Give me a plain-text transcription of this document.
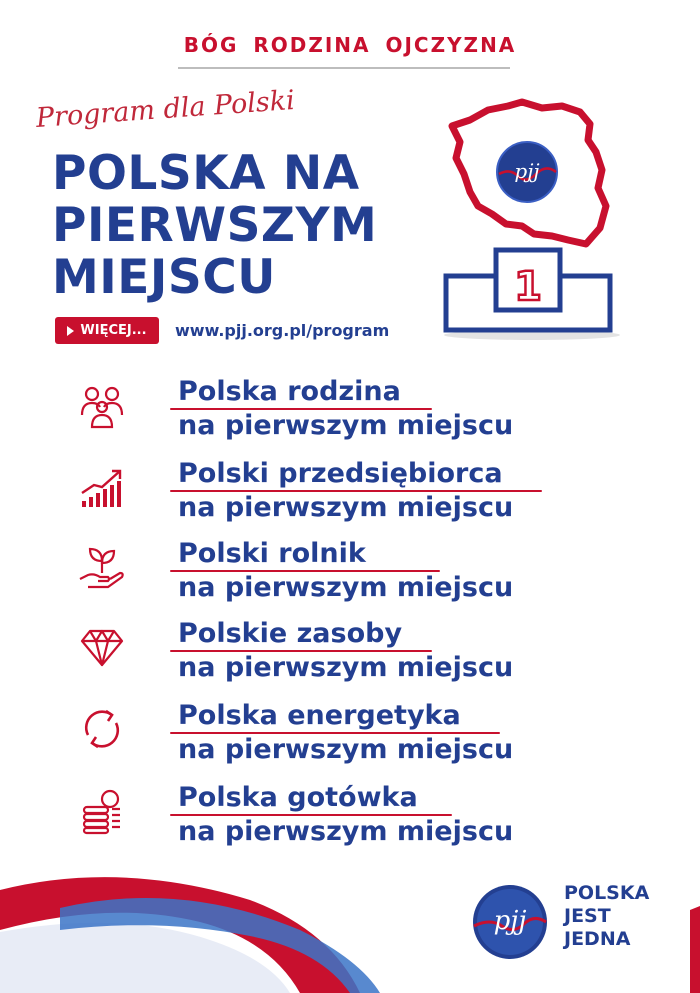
BÓG RODZINA OJCZYZNA
Program dla Polski
POLSKA NA
PIERWSZYM
MIEJSCU
WIĘCEJ... www.pjj.org.pl/program
pjj
1
Polska rodzina
na pierwszym miejscu
Polski przedsiębiorca
na pierwszym miejscu
Polski rolnik
na pierwszym miejscu
Polskie zasoby
na pierwszym miejscu
Polska energetyka
na pierwszym miejscu
Polska gotówka
na pierwszym miejscu
pjj
POLSKA
JEST
JEDNA
